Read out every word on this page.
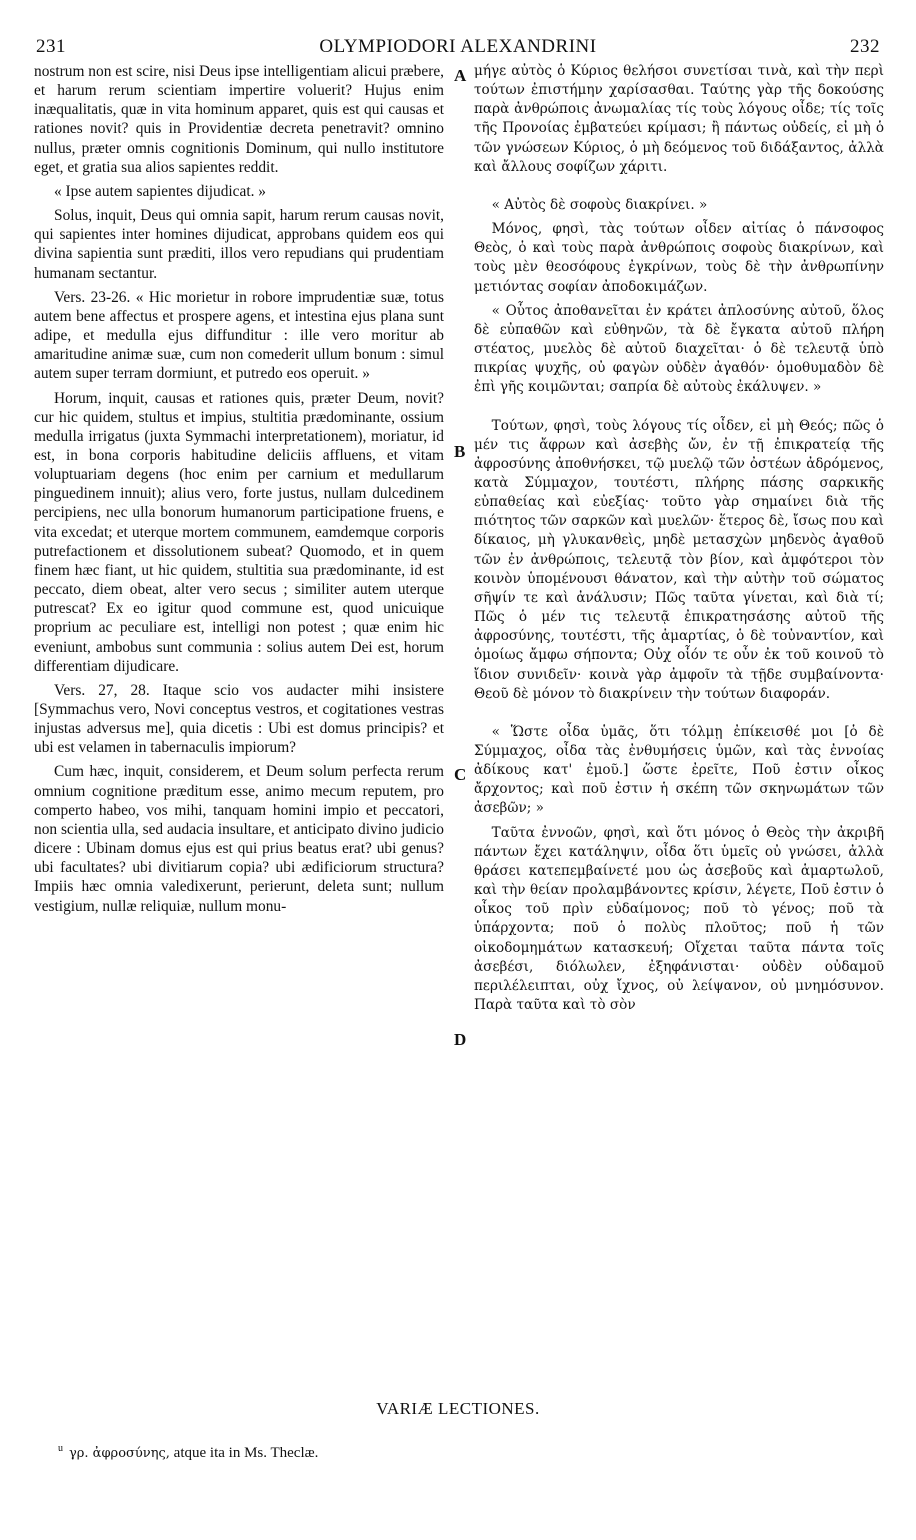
231	OLYMPIODORI ALEXANDRINI	232
A
B
C
D

nostrum non est scire, nisi Deus ipse intelligentiam alicui præbere, et harum rerum scientiam impertire voluerit? Hujus enim inæqualitatis, quæ in vita hominum apparet, quis est qui causas et rationes novit? quis in Providentiæ decreta penetravit? omnino nullus, præter omnis cognitionis Dominum, qui nullo institutore eget, et gratia sua alios sapientes reddit.

« Ipse autem sapientes dijudicat. »

Solus, inquit, Deus qui omnia sapit, harum rerum causas novit, qui sapientes inter homines dijudicat, approbans quidem eos qui divina sapientia sunt præditi, illos vero repudians qui prudentiam humanam sectantur.

Vers. 23-26. « Hic morietur in robore imprudentiæ suæ, totus autem bene affectus et prospere agens, et intestina ejus plana sunt adipe, et medulla ejus diffunditur : ille vero moritur ab amaritudine animæ suæ, cum non comederit ullum bonum : simul autem super terram dormiunt, et putredo eos operuit. »

Horum, inquit, causas et rationes quis, præter Deum, novit? cur hic quidem, stultus et impius, stultitia prædominante, ossium medulla irrigatus (juxta Symmachi interpretationem), moriatur, id est, in bona corporis habitudine deliciis affluens, et vitam voluptuariam degens (hoc enim per carnium et medullarum pinguedinem innuit); alius vero, forte justus, nullam dulcedinem percipiens, nec ulla bonorum humanorum participatione fruens, e vita excedat; et uterque mortem communem, eamdemque corporis putrefactionem et dissolutionem subeat? Quomodo, et in quem finem hæc fiant, ut hic quidem, stultitia sua prædominante, id est peccato, diem obeat, alter vero secus ; similiter autem uterque putrescat? Ex eo igitur quod commune est, quod unicuique proprium ac peculiare est, intelligi non potest ; quæ enim hic eveniunt, ambobus sunt communia : solius autem Dei est, horum differentiam dijudicare.

Vers. 27, 28. Itaque scio vos audacter mihi insistere [Symmachus vero, Novi conceptus vestros, et cogitationes vestras injustas adversus me], quia dicetis : Ubi est domus principis? et ubi est velamen in tabernaculis impiorum?

Cum hæc, inquit, considerem, et Deum solum perfecta rerum omnium cognitione præditum esse, animo mecum reputem, pro comperto habeo, vos mihi, tanquam homini impio et peccatori, non scientia ulla, sed audacia insultare, et anticipato divino judicio dicere : Ubinam domus ejus est qui prius beatus erat? ubi genus? ubi facultates? ubi divitiarum copia? ubi ædificiorum structura? Impiis hæc omnia valedixerunt, perierunt, deleta sunt; nullum vestigium, nullæ reliquiæ, nullum monu-

μήγε αὐτὸς ὁ Κύριος θελήσοι συνετίσαι τινὰ, καὶ τὴν περὶ τούτων ἐπιστήμην χαρίσασθαι. Ταύτης γὰρ τῆς δοκούσης παρὰ ἀνθρώποις ἀνωμαλίας τίς τοὺς λόγους οἶδε; τίς τοῖς τῆς Προνοίας ἐμβατεύει κρίμασι; ἢ πάντως οὐδείς, εἰ μὴ ὁ τῶν γνώσεων Κύριος, ὁ μὴ δεόμενος τοῦ διδάξαντος, ἀλλὰ καὶ ἄλλους σοφίζων χάριτι.

« Αὐτὸς δὲ σοφοὺς διακρίνει. »

Μόνος, φησὶ, τὰς τούτων οἶδεν αἰτίας ὁ πάνσοφος Θεὸς, ὁ καὶ τοὺς παρὰ ἀνθρώποις σοφοὺς διακρίνων, καὶ τοὺς μὲν θεοσόφους ἐγκρίνων, τοὺς δὲ τὴν ἀνθρωπίνην μετιόντας σοφίαν ἀποδοκιμάζων.

« Οὗτος ἀποθανεῖται ἐν κράτει ἀπλοσύνης αὐτοῦ, ὅλος δὲ εὐπαθῶν καὶ εὐθηνῶν, τὰ δὲ ἔγκατα αὐτοῦ πλήρη στέατος, μυελὸς δὲ αὐτοῦ διαχεῖται· ὁ δὲ τελευτᾷ ὑπὸ πικρίας ψυχῆς, οὐ φαγὼν οὐδὲν ἀγαθόν· ὁμοθυμαδὸν δὲ ἐπὶ γῆς κοιμῶνται; σαπρία δὲ αὐτοὺς ἐκάλυψεν. »

Τούτων, φησὶ, τοὺς λόγους τίς οἶδεν, εἰ μὴ Θεός; πῶς ὁ μέν τις ἄφρων καὶ ἀσεβὴς ὤν, ἐν τῇ ἐπικρατείᾳ τῆς ἀφροσύνης ἀποθνήσκει, τῷ μυελῷ τῶν ὀστέων ἀδρόμενος, κατὰ Σύμμαχον, τουτέστι, πλήρης πάσης σαρκικῆς εὐπαθείας καὶ εὐεξίας· τοῦτο γὰρ σημαίνει διὰ τῆς πιότητος τῶν σαρκῶν καὶ μυελῶν· ἕτερος δὲ, ἴσως που καὶ δίκαιος, μὴ γλυκανθεὶς, μηδὲ μετασχὼν μηδενὸς ἀγαθοῦ τῶν ἐν ἀνθρώποις, τελευτᾷ τὸν βίον, καὶ ἀμφότεροι τὸν κοινὸν ὑπομένουσι θάνατον, καὶ τὴν αὐτὴν τοῦ σώματος σῆψίν τε καὶ ἀνάλυσιν; Πῶς ταῦτα γίνεται, καὶ διὰ τί; Πῶς ὁ μέν τις τελευτᾷ ἐπικρατησάσης αὐτοῦ τῆς ἀφροσύνης, τουτέστι, τῆς ἁμαρτίας, ὁ δὲ τοὐναντίον, καὶ ὁμοίως ἄμφω σήποντα; Οὐχ οἷόν τε οὖν ἐκ τοῦ κοινοῦ τὸ ἴδιον συνιδεῖν· κοινὰ γὰρ ἀμφοῖν τὰ τῇδε συμβαίνοντα· Θεοῦ δὲ μόνον τὸ διακρίνειν τὴν τούτων διαφοράν.

« Ὥστε οἶδα ὑμᾶς, ὅτι τόλμῃ ἐπίκεισθέ μοι [ὁ δὲ Σύμμαχος, οἶδα τὰς ἐνθυμήσεις ὑμῶν, καὶ τὰς ἐννοίας ἀδίκους κατ' ἐμοῦ.] ὥστε ἐρεῖτε, Ποῦ ἐστιν οἶκος ἄρχοντος; καὶ ποῦ ἐστιν ἡ σκέπη τῶν σκηνωμάτων τῶν ἀσεβῶν; »

Ταῦτα ἐννοῶν, φησὶ, καὶ ὅτι μόνος ὁ Θεὸς τὴν ἀκριβῆ πάντων ἔχει κατάληψιν, οἶδα ὅτι ὑμεῖς οὐ γνώσει, ἀλλὰ θράσει κατεπεμβαίνετέ μου ὡς ἀσεβοῦς καὶ ἁμαρτωλοῦ, καὶ τὴν θείαν προλαμβάνοντες κρίσιν, λέγετε, Ποῦ ἐστιν ὁ οἶκος τοῦ πρὶν εὐδαίμονος; ποῦ τὸ γένος; ποῦ τὰ ὑπάρχοντα; ποῦ ὁ πολὺς πλοῦτος; ποῦ ἡ τῶν οἰκοδομημάτων κατασκευή; Οἴχεται ταῦτα πάντα τοῖς ἀσεβέσι, διόλωλεν, ἐξηφάνισται· οὐδὲν οὐδαμοῦ περιλέλειπται, οὐχ ἴχνος, οὐ λείψανον, οὐ μνημόσυνον. Παρὰ ταῦτα καὶ τὸ σὸν

VARIÆ LECTIONES.
$^u$ γρ. ἀφροσύνης, atque ita in Ms. Theclæ.
